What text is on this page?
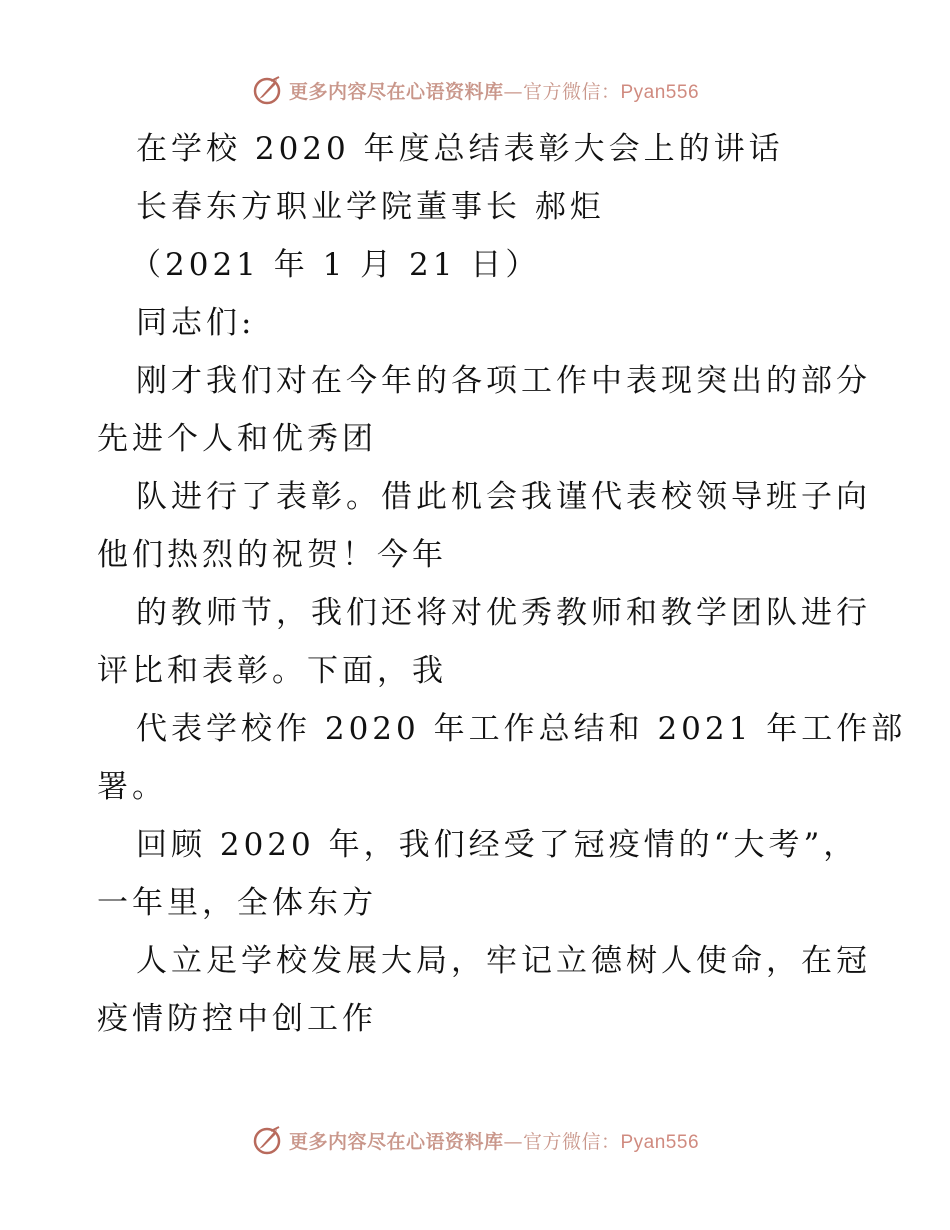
更多内容尽在心语资料库—官方微信：Pyan556
在学校 2020 年度总结表彰大会上的讲话
长春东方职业学院董事长 郝炬
（2021 年 1 月 21 日）
同志们:
刚才我们对在今年的各项工作中表现突出的部分
先进个人和优秀团
队进行了表彰。借此机会我谨代表校领导班子向
他们热烈的祝贺！今年
的教师节，我们还将对优秀教师和教学团队进行
评比和表彰。下面，我
代表学校作 2020 年工作总结和 2021 年工作部
署。
回顾 2020 年，我们经受了冠疫情的“大考”，
一年里，全体东方
人立足学校发展大局，牢记立德树人使命，在冠
疫情防控中创工作
更多内容尽在心语资料库—官方微信：Pyan556
